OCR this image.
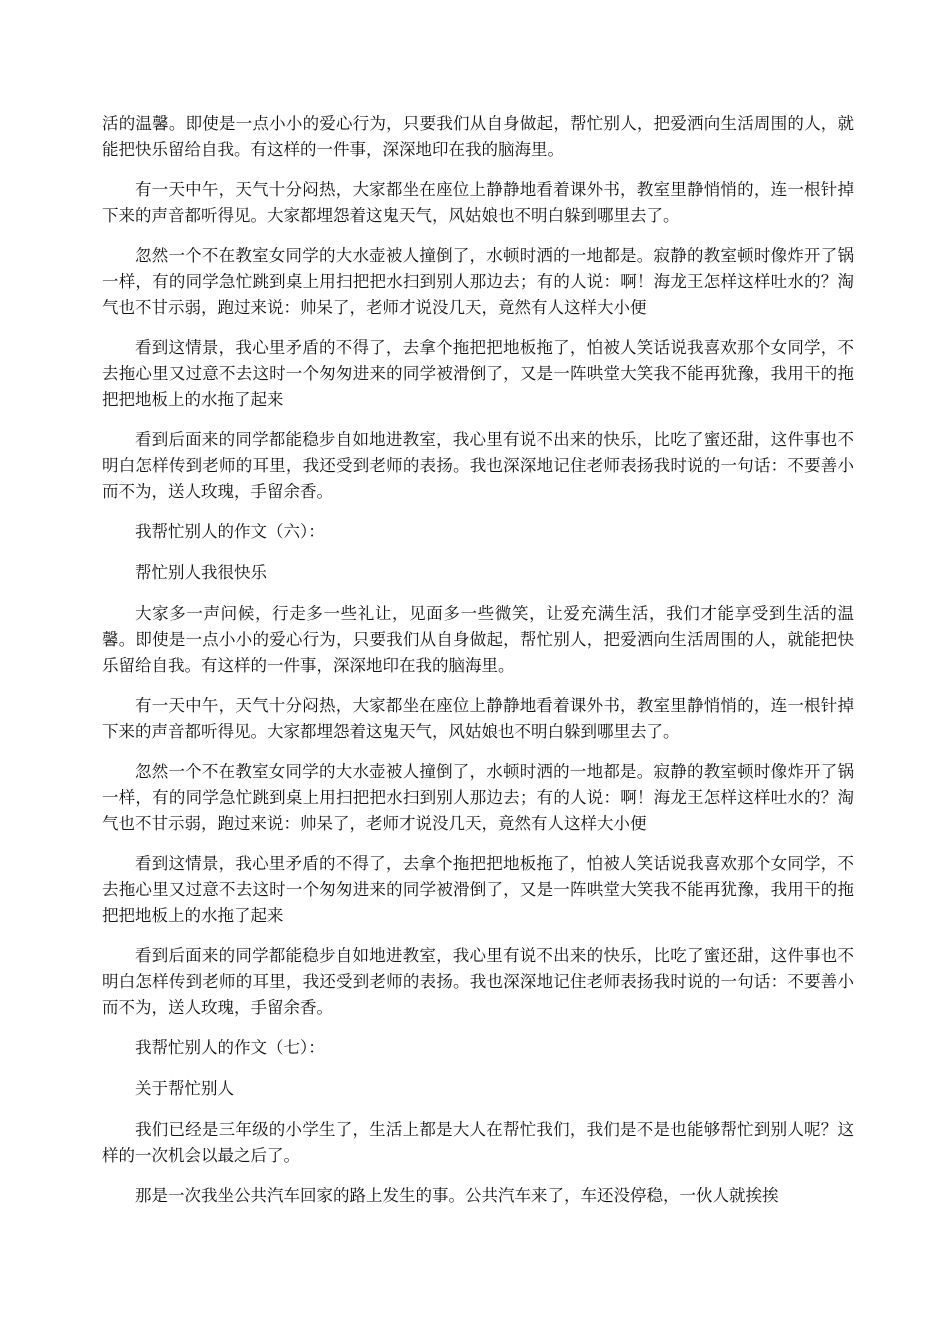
活的温馨。即使是一点小小的爱心行为，只要我们从自身做起，帮忙别人，把爱洒向生活周围的人，就能把快乐留给自我。有这样的一件事，深深地印在我的脑海里。

有一天中午，天气十分闷热，大家都坐在座位上静静地看着课外书，教室里静悄悄的，连一根针掉下来的声音都听得见。大家都埋怨着这鬼天气，风姑娘也不明白躲到哪里去了。

忽然一个不在教室女同学的大水壶被人撞倒了，水顿时洒的一地都是。寂静的教室顿时像炸开了锅一样，有的同学急忙跳到桌上用扫把把水扫到别人那边去；有的人说：啊！海龙王怎样这样吐水的？淘气也不甘示弱，跑过来说：帅呆了，老师才说没几天，竟然有人这样大小便

看到这情景，我心里矛盾的不得了，去拿个拖把把地板拖了，怕被人笑话说我喜欢那个女同学，不去拖心里又过意不去这时一个匆匆进来的同学被滑倒了，又是一阵哄堂大笑我不能再犹豫，我用干的拖把把地板上的水拖了起来

看到后面来的同学都能稳步自如地进教室，我心里有说不出来的快乐，比吃了蜜还甜，这件事也不明白怎样传到老师的耳里，我还受到老师的表扬。我也深深地记住老师表扬我时说的一句话：不要善小而不为，送人玫瑰，手留余香。

我帮忙别人的作文（六）：

帮忙别人我很快乐

大家多一声问候，行走多一些礼让，见面多一些微笑，让爱充满生活，我们才能享受到生活的温馨。即使是一点小小的爱心行为，只要我们从自身做起，帮忙别人，把爱洒向生活周围的人，就能把快乐留给自我。有这样的一件事，深深地印在我的脑海里。

有一天中午，天气十分闷热，大家都坐在座位上静静地看着课外书，教室里静悄悄的，连一根针掉下来的声音都听得见。大家都埋怨着这鬼天气，风姑娘也不明白躲到哪里去了。

忽然一个不在教室女同学的大水壶被人撞倒了，水顿时洒的一地都是。寂静的教室顿时像炸开了锅一样，有的同学急忙跳到桌上用扫把把水扫到别人那边去；有的人说：啊！海龙王怎样这样吐水的？淘气也不甘示弱，跑过来说：帅呆了，老师才说没几天，竟然有人这样大小便

看到这情景，我心里矛盾的不得了，去拿个拖把把地板拖了，怕被人笑话说我喜欢那个女同学，不去拖心里又过意不去这时一个匆匆进来的同学被滑倒了，又是一阵哄堂大笑我不能再犹豫，我用干的拖把把地板上的水拖了起来

看到后面来的同学都能稳步自如地进教室，我心里有说不出来的快乐，比吃了蜜还甜，这件事也不明白怎样传到老师的耳里，我还受到老师的表扬。我也深深地记住老师表扬我时说的一句话：不要善小而不为，送人玫瑰，手留余香。

我帮忙别人的作文（七）：

关于帮忙别人

我们已经是三年级的小学生了，生活上都是大人在帮忙我们，我们是不是也能够帮忙到别人呢？这样的一次机会以最之后了。

那是一次我坐公共汽车回家的路上发生的事。公共汽车来了，车还没停稳，一伙人就挨挨
